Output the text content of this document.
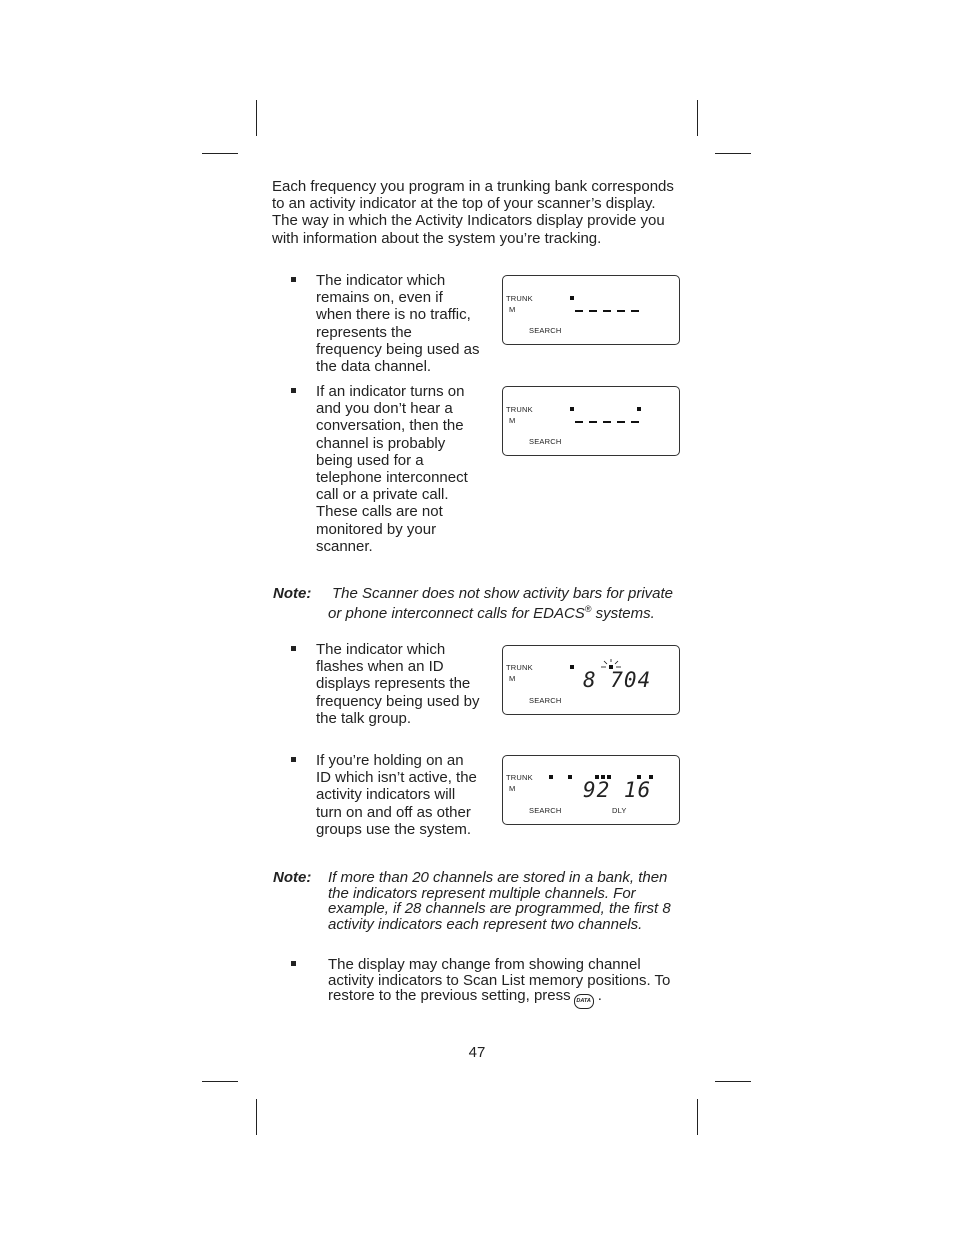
Each frequency you program in a trunking bank corresponds to an activity indicator at the top of your scanner’s display. The way in which the Activity Indicators display provide you with information about the system you’re tracking.
The indicator which remains on, even if when there is no traffic, represents the frequency being used as the data channel.
TRUNK
M
SEARCH
If an indicator turns on and you don’t hear a conversation, then the channel is probably being used for a telephone interconnect call or a private call. These calls are not monitored by your scanner.
TRUNK
M
SEARCH
Note: The Scanner does not show activity bars for private or phone interconnect calls for EDACS® systems.
The indicator which flashes when an ID displays represents the frequency being used by the talk group.
TRUNK
M
SEARCH
8 704
If you’re holding on an ID which isn’t active, the activity indicators will turn on and off as other groups use the system.
TRUNK
M
SEARCH	DLY
92 16
Note: If more than 20 channels are stored in a bank, then the indicators represent multiple channels. For example, if 28 channels are programmed, the first 8 activity indicators each represent two channels.
The display may change from showing channel activity indicators to Scan List memory positions. To restore to the previous setting, press DATA .
47
